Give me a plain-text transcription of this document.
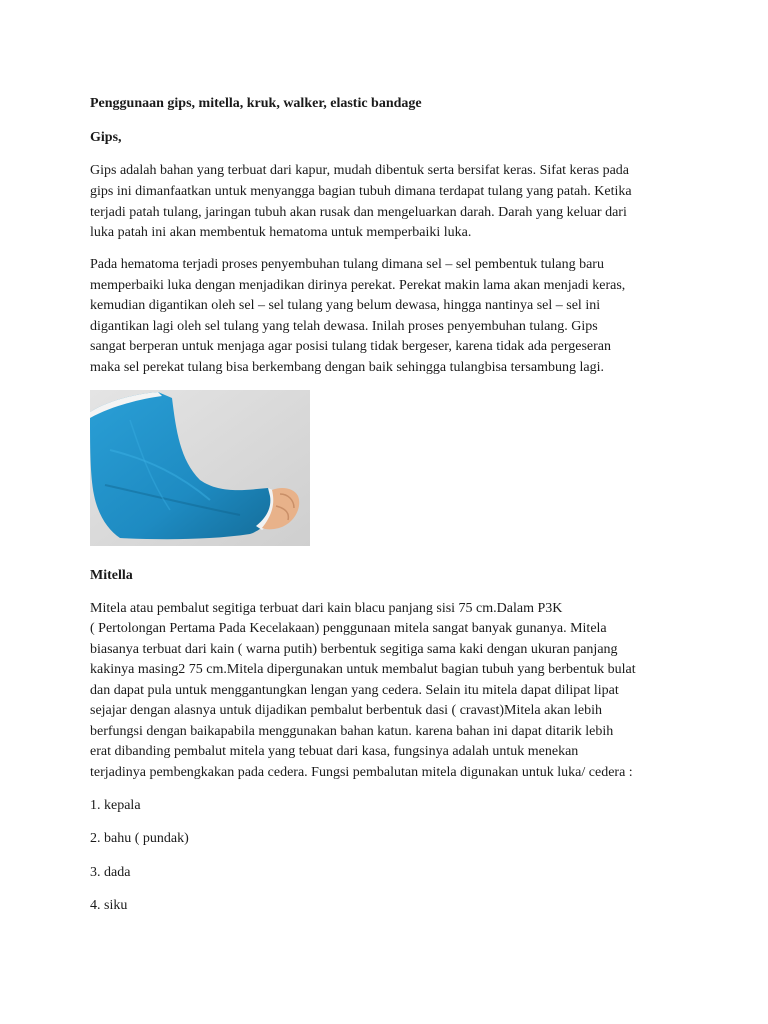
Penggunaan gips, mitella, kruk, walker, elastic bandage
Gips,
Gips adalah bahan yang terbuat dari kapur, mudah dibentuk serta bersifat keras. Sifat keras pada
gips ini dimanfaatkan untuk menyangga bagian tubuh dimana terdapat tulang yang patah. Ketika
terjadi patah tulang, jaringan tubuh akan rusak dan mengeluarkan darah. Darah yang keluar dari
luka patah ini akan membentuk hematoma untuk memperbaiki luka.
Pada hematoma terjadi proses penyembuhan tulang dimana sel – sel pembentuk tulang baru
memperbaiki luka dengan menjadikan dirinya perekat. Perekat makin lama akan menjadi keras,
kemudian digantikan oleh sel – sel tulang yang belum dewasa, hingga nantinya sel – sel ini
digantikan lagi oleh sel tulang yang telah dewasa. Inilah proses penyembuhan tulang. Gips
sangat berperan untuk menjaga agar posisi tulang tidak bergeser, karena tidak ada pergeseran
maka sel perekat tulang bisa berkembang dengan baik sehingga tulangbisa tersambung lagi.
Mitella
Mitela atau pembalut segitiga terbuat dari kain blacu panjang sisi 75 cm.Dalam P3K
( Pertolongan Pertama Pada Kecelakaan) penggunaan mitela sangat banyak gunanya. Mitela
biasanya terbuat dari kain ( warna putih) berbentuk segitiga sama kaki dengan ukuran panjang
kakinya masing2 75 cm.Mitela dipergunakan untuk membalut bagian tubuh yang berbentuk bulat
dan dapat pula untuk menggantungkan lengan yang cedera. Selain itu mitela dapat dilipat lipat
sejajar dengan alasnya untuk dijadikan pembalut berbentuk dasi ( cravast)Mitela akan lebih
berfungsi dengan baikapabila menggunakan bahan katun. karena bahan ini dapat ditarik lebih
erat dibanding pembalut mitela yang tebuat dari kasa, fungsinya adalah untuk menekan
terjadinya pembengkakan pada cedera. Fungsi pembalutan mitela digunakan untuk luka/ cedera :
1. kepala
2. bahu ( pundak)
3. dada
4. siku
